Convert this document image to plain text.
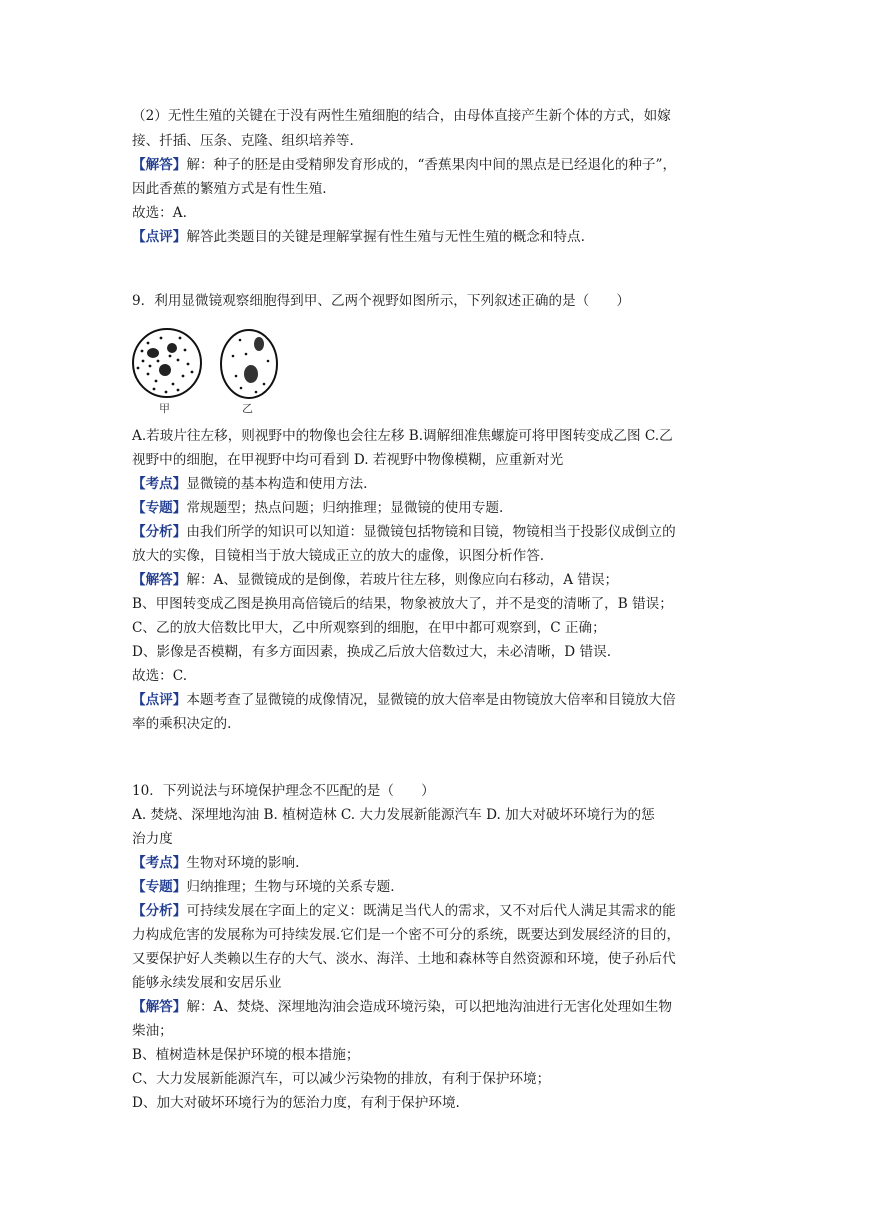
（2）无性生殖的关键在于没有两性生殖细胞的结合，由母体直接产生新个体的方式，如嫁
接、扦插、压条、克隆、组织培养等.
【解答】解：种子的胚是由受精卵发育形成的，“香蕉果肉中间的黑点是已经退化的种子”，
因此香蕉的繁殖方式是有性生殖.
故选：A.
【点评】解答此类题目的关键是理解掌握有性生殖与无性生殖的概念和特点.
9．利用显微镜观察细胞得到甲、乙两个视野如图所示，下列叙述正确的是（　　）
甲	乙
A.若玻片往左移，则视野中的物像也会往左移 B.调解细准焦螺旋可将甲图转变成乙图 C.乙
视野中的细胞，在甲视野中均可看到 D. 若视野中物像模糊，应重新对光
【考点】显微镜的基本构造和使用方法.
【专题】常规题型；热点问题；归纳推理；显微镜的使用专题.
【分析】由我们所学的知识可以知道：显微镜包括物镜和目镜，物镜相当于投影仪成倒立的
放大的实像，目镜相当于放大镜成正立的放大的虚像，识图分析作答.
【解答】解：A、显微镜成的是倒像，若玻片往左移，则像应向右移动，A 错误；
B、甲图转变成乙图是换用高倍镜后的结果，物象被放大了，并不是变的清晰了，B 错误；
C、乙的放大倍数比甲大，乙中所观察到的细胞，在甲中都可观察到，C 正确；
D、影像是否模糊，有多方面因素，换成乙后放大倍数过大，未必清晰，D 错误.
故选：C.
【点评】本题考查了显微镜的成像情况，显微镜的放大倍率是由物镜放大倍率和目镜放大倍
率的乘积决定的.
10．下列说法与环境保护理念不匹配的是（　　）
A. 焚烧、深埋地沟油 B. 植树造林 C. 大力发展新能源汽车 D. 加大对破坏环境行为的惩
治力度
【考点】生物对环境的影响.
【专题】归纳推理；生物与环境的关系专题.
【分析】可持续发展在字面上的定义：既满足当代人的需求，又不对后代人满足其需求的能
力构成危害的发展称为可持续发展.它们是一个密不可分的系统，既要达到发展经济的目的，
又要保护好人类赖以生存的大气、淡水、海洋、土地和森林等自然资源和环境，使子孙后代
能够永续发展和安居乐业
【解答】解：A、焚烧、深埋地沟油会造成环境污染，可以把地沟油进行无害化处理如生物
柴油；
B、植树造林是保护环境的根本措施；
C、大力发展新能源汽车，可以减少污染物的排放，有利于保护环境；
D、加大对破坏环境行为的惩治力度，有利于保护环境.
